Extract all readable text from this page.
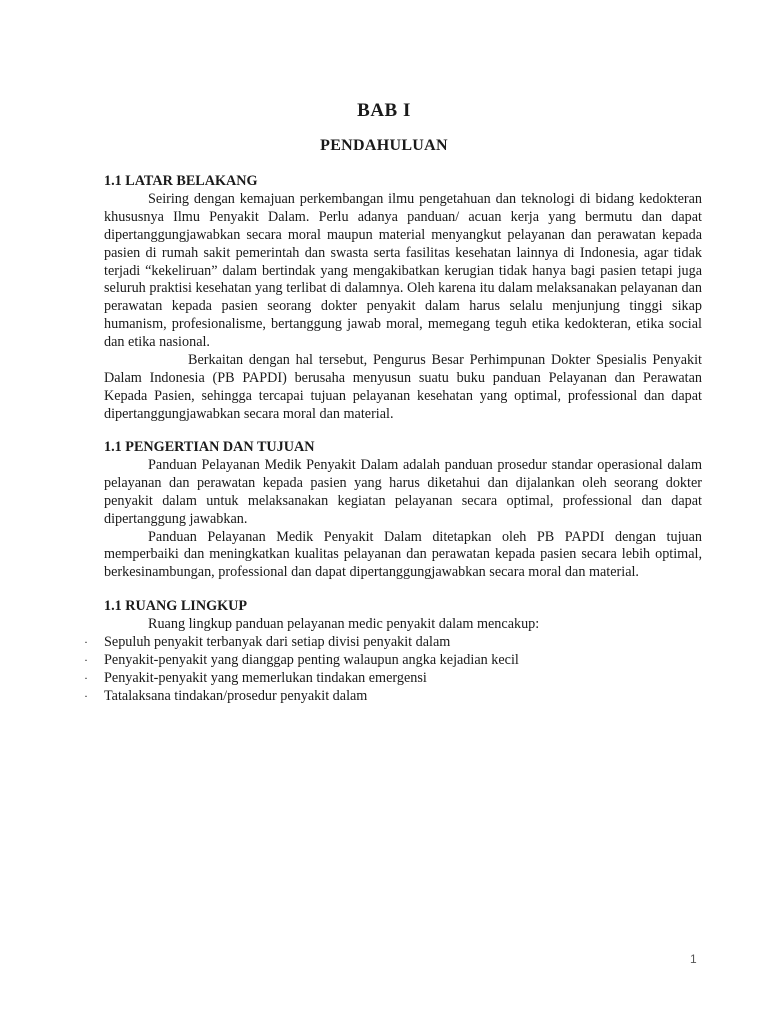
BAB I
PENDAHULUAN
1.1 LATAR BELAKANG

Seiring dengan kemajuan perkembangan ilmu pengetahuan dan teknologi di bidang kedokteran khususnya Ilmu Penyakit Dalam. Perlu adanya panduan/ acuan kerja yang bermutu dan dapat dipertanggungjawabkan secara moral maupun material menyangkut pelayanan dan perawatan kepada pasien di rumah sakit pemerintah dan swasta serta fasilitas kesehatan lainnya di Indonesia, agar tidak terjadi “kekeliruan” dalam bertindak yang mengakibatkan kerugian tidak hanya bagi pasien tetapi juga seluruh praktisi kesehatan yang terlibat di dalamnya. Oleh karena itu dalam melaksanakan pelayanan dan perawatan kepada pasien seorang dokter penyakit dalam harus selalu menjunjung tinggi sikap humanism, profesionalisme, bertanggung jawab moral, memegang teguh etika kedokteran, etika social dan etika nasional.

Berkaitan dengan hal tersebut, Pengurus Besar Perhimpunan Dokter Spesialis Penyakit Dalam Indonesia (PB PAPDI) berusaha menyusun suatu buku panduan Pelayanan dan Perawatan Kepada Pasien, sehingga tercapai tujuan pelayanan kesehatan yang optimal, professional dan dapat dipertanggungjawabkan secara moral dan material.

1.1 PENGERTIAN DAN TUJUAN

Panduan Pelayanan Medik Penyakit Dalam adalah panduan prosedur standar operasional dalam pelayanan dan perawatan kepada pasien yang harus diketahui dan dijalankan oleh seorang dokter penyakit dalam untuk melaksanakan kegiatan pelayanan secara optimal, professional dan dapat dipertanggung jawabkan.

Panduan Pelayanan Medik Penyakit Dalam ditetapkan oleh PB PAPDI dengan tujuan memperbaiki dan meningkatkan kualitas pelayanan dan perawatan kepada pasien secara lebih optimal, berkesinambungan, professional dan dapat dipertanggungjawabkan secara moral dan material.

1.1 RUANG LINGKUP

Ruang lingkup panduan pelayanan medic penyakit dalam mencakup:

·	Sepuluh penyakit terbanyak dari setiap divisi penyakit dalam
·	Penyakit-penyakit yang dianggap penting walaupun angka kejadian kecil
·	Penyakit-penyakit yang memerlukan tindakan emergensi
·	Tatalaksana tindakan/prosedur penyakit dalam
1
